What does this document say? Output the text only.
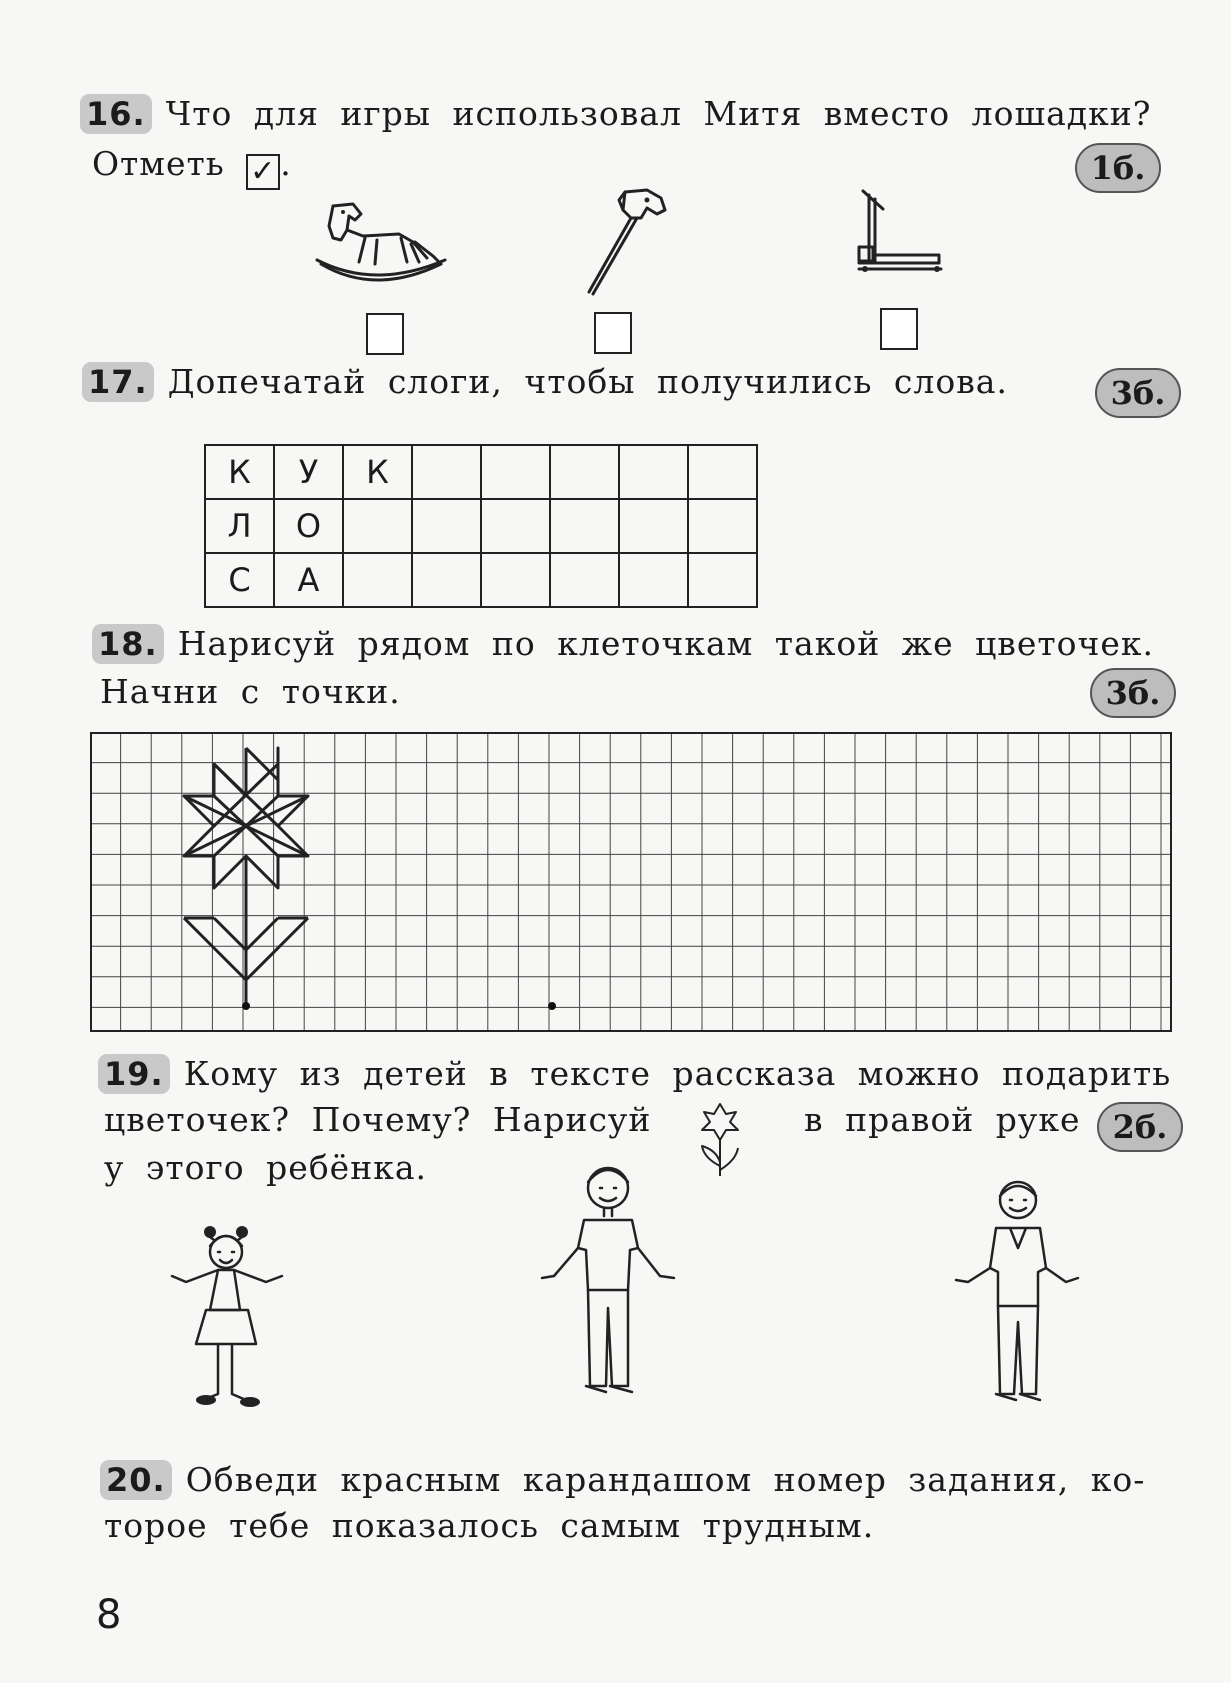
16. Что для игры использовал Митя вместо лошадки?
Отметь ✓ .	1б.
17. Допечатай слоги, чтобы получились слова.	3б.
К	У	К					
Л	О						
С	А						
18. Нарисуй рядом по клеточкам такой же цветочек.
Начни с точки.	3б.
19. Кому из детей в тексте рассказа можно подарить
цветочек? Почему? Нарисуй	в правой руке
у этого ребёнка.
2б.
20. Обведи красным карандашом номер задания, ко-
торое тебе показалось самым трудным.
8
